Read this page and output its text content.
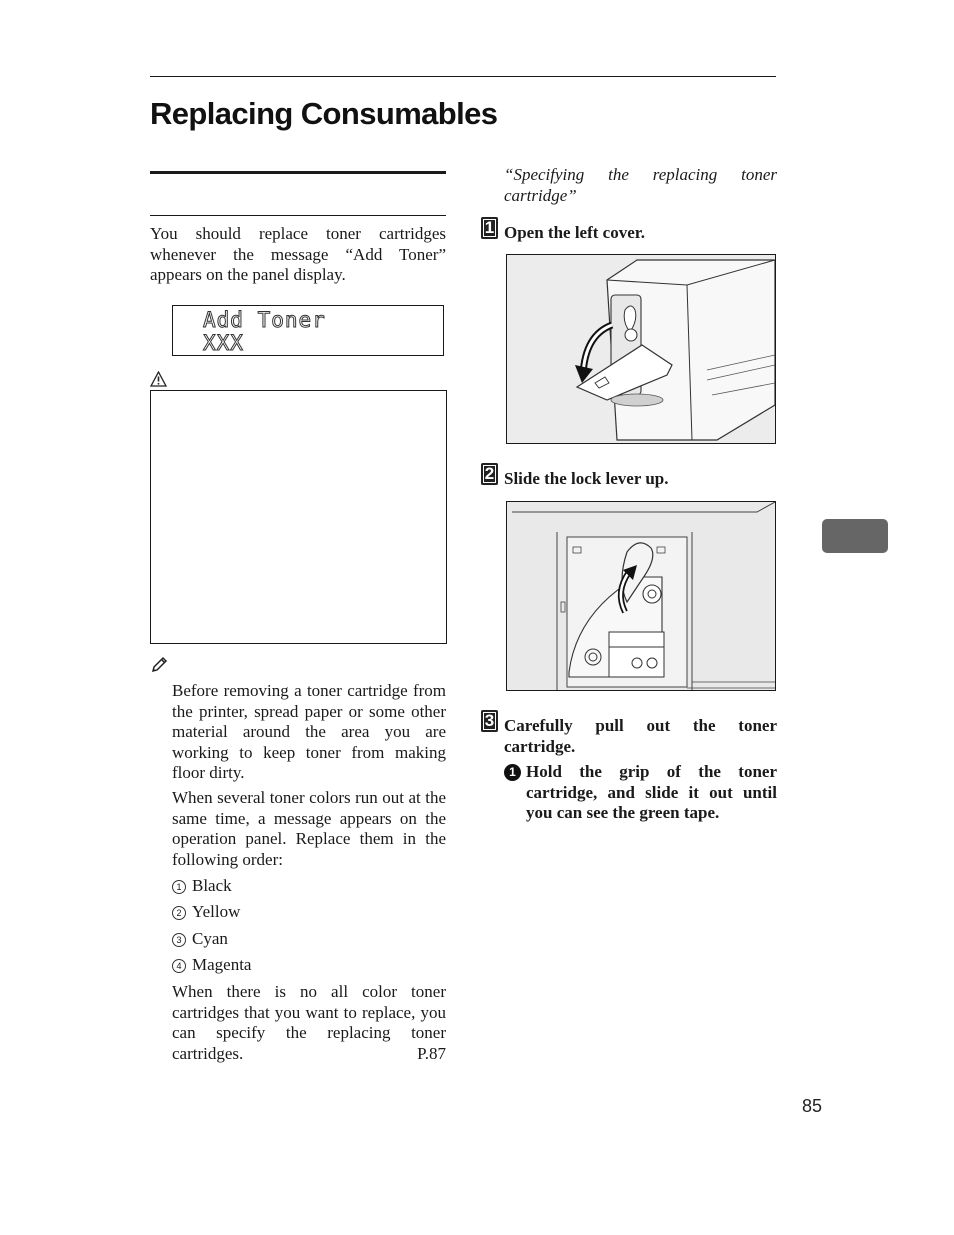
Replacing Consumables

You should replace toner cartridges whenever the message “Add Toner” appears on the panel display.

Add Toner
XXX

Before removing a toner cartridge from the printer, spread paper or some other material around the area you are working to keep toner from making floor dirty.

When several toner colors run out at the same time, a message appears on the operation panel. Replace them in the following order:

1 Black
2 Yellow
3 Cyan
4 Magenta

When there is no all color toner cartridges that you want to replace, you can specify the replacing toner cartridges.	P.87

“Specifying the replacing toner cartridge”
1 Open the left cover.
2 Slide the lock lever up.
3 Carefully pull out the toner cartridge.
1 Hold the grip of the toner cartridge, and slide it out until you can see the green tape.
85
